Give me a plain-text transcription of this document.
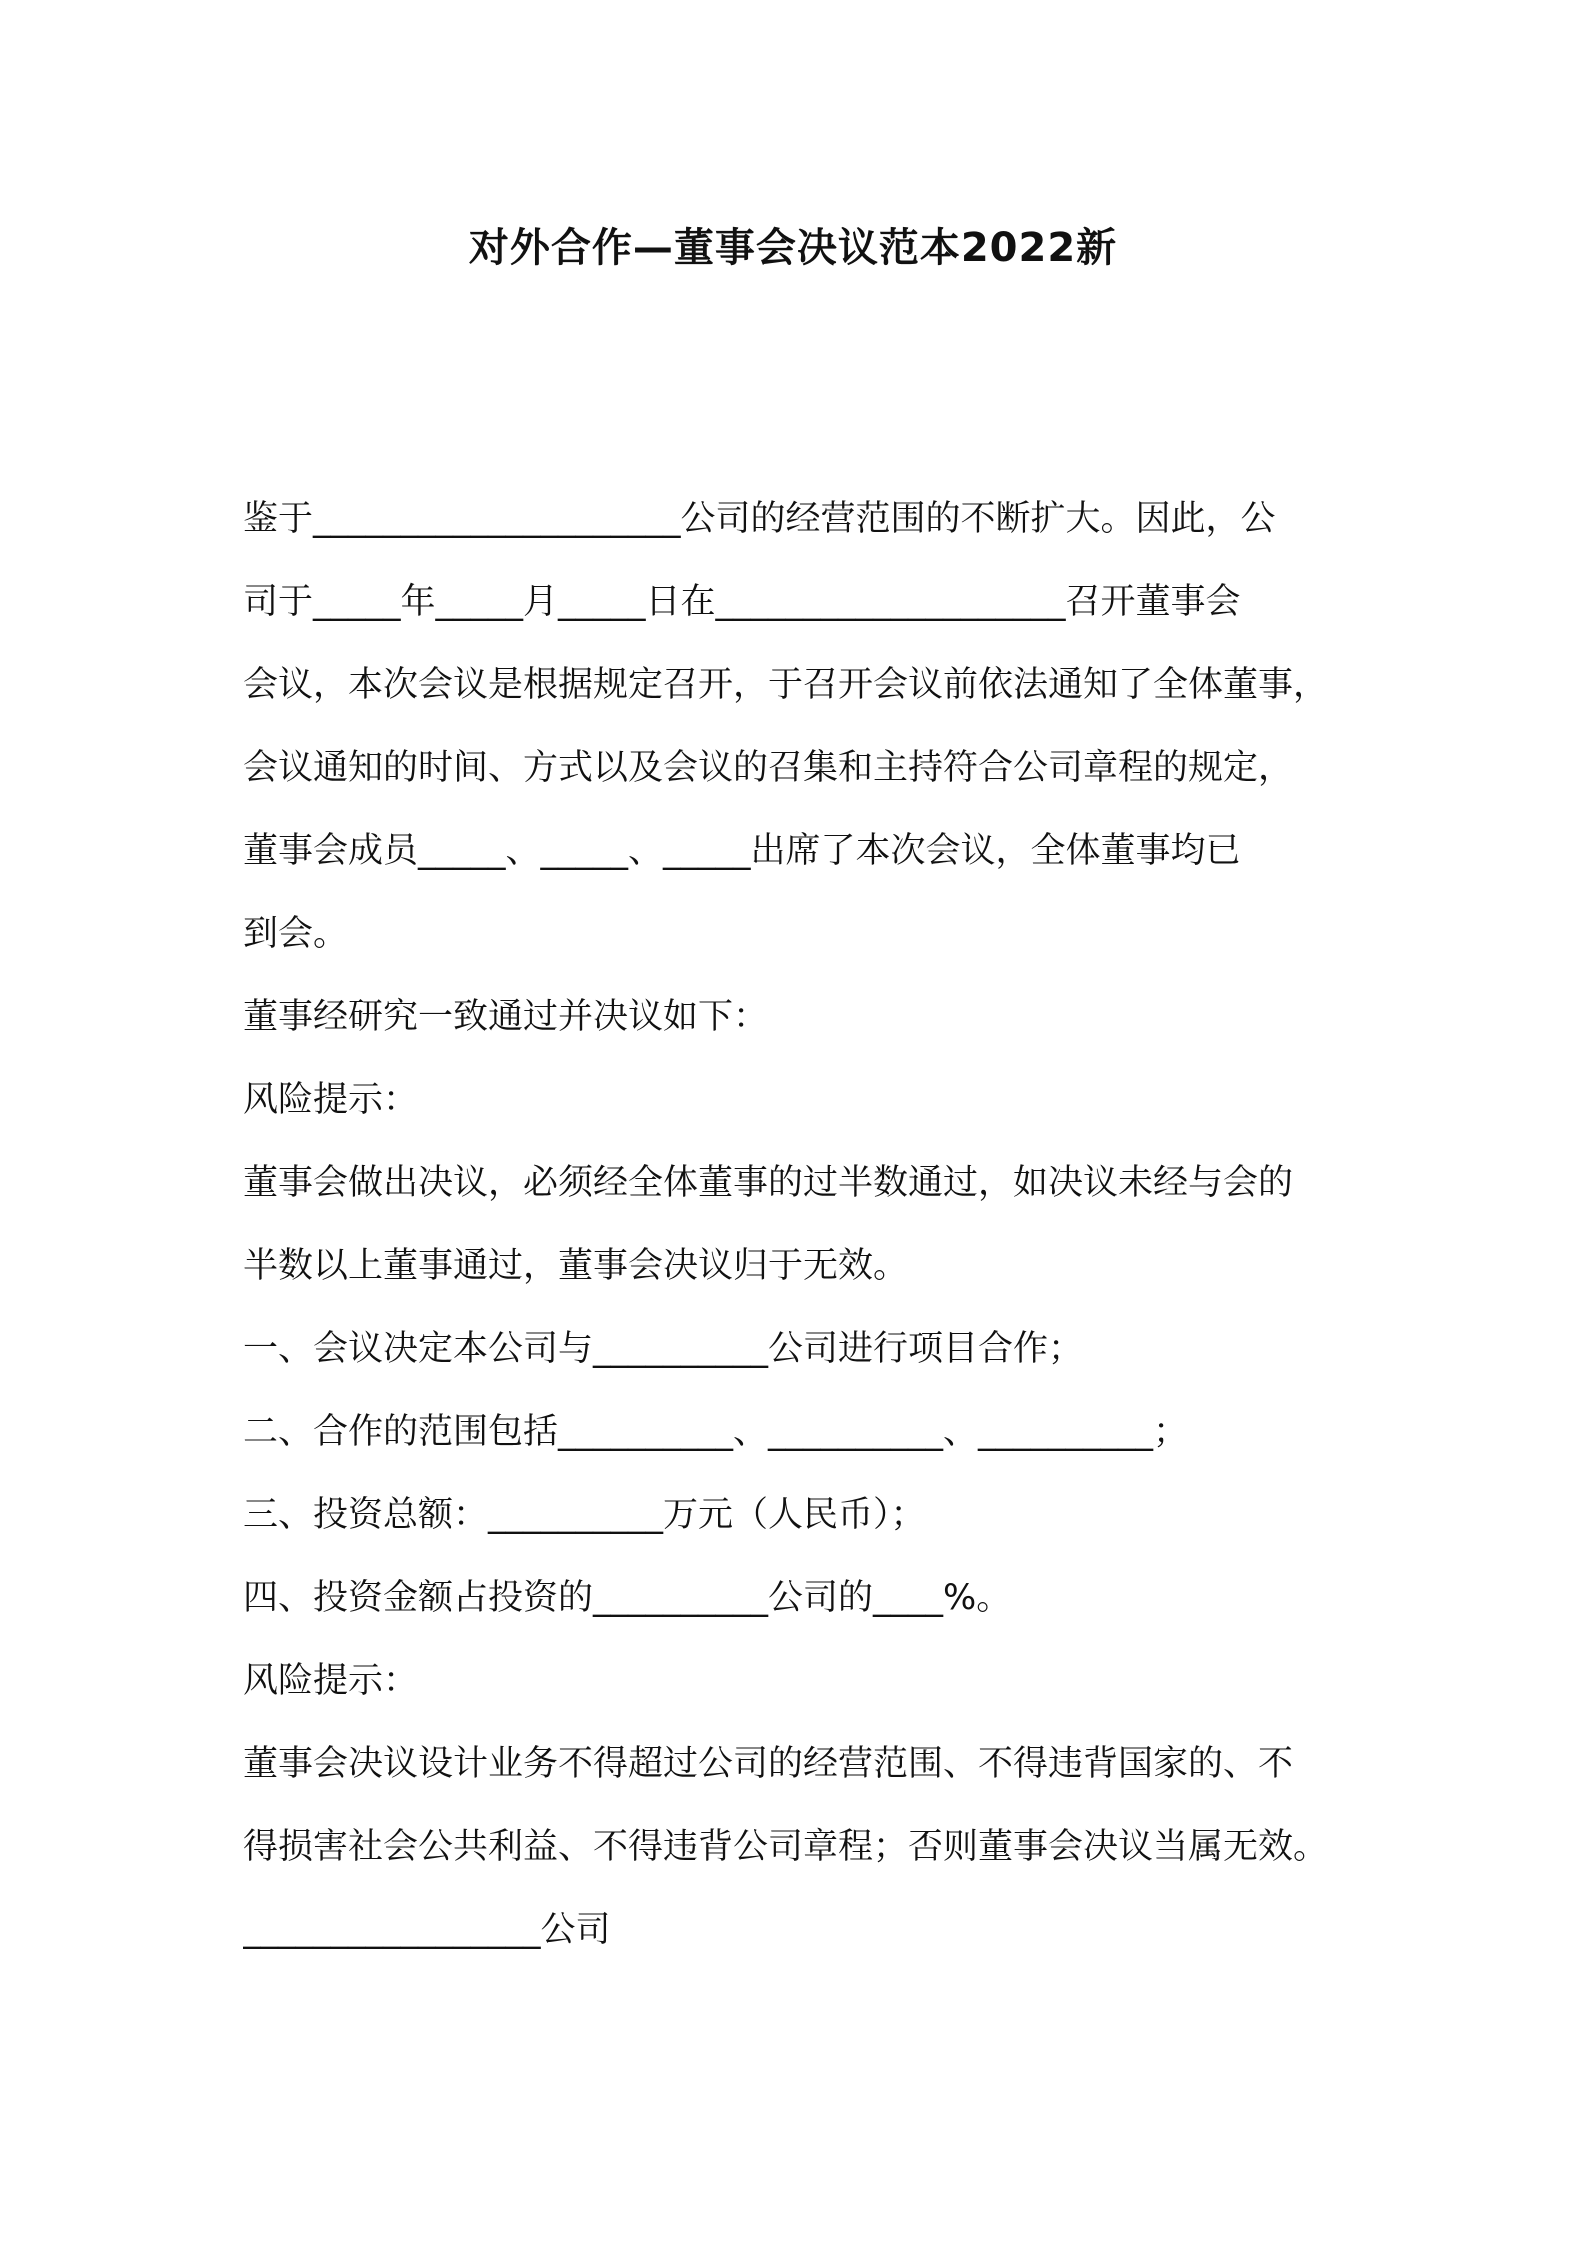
对外合作—董事会决议范本2022新
鉴于_____________________公司的经营范围的不断扩大。因此，公
司于_____年_____月_____日在____________________召开董事会
会议，本次会议是根据规定召开，于召开会议前依法通知了全体董事，
会议通知的时间、方式以及会议的召集和主持符合公司章程的规定，
董事会成员_____、_____、_____出席了本次会议，全体董事均已
到会。
董事经研究一致通过并决议如下：
风险提示：
董事会做出决议，必须经全体董事的过半数通过，如决议未经与会的
半数以上董事通过，董事会决议归于无效。
一、会议决定本公司与__________公司进行项目合作；
二、合作的范围包括__________、__________、__________；
三、投资总额：__________万元（人民币）；
四、投资金额占投资的__________公司的____%。
风险提示：
董事会决议设计业务不得超过公司的经营范围、不得违背国家的、不
得损害社会公共利益、不得违背公司章程；否则董事会决议当属无效。
_________________公司
